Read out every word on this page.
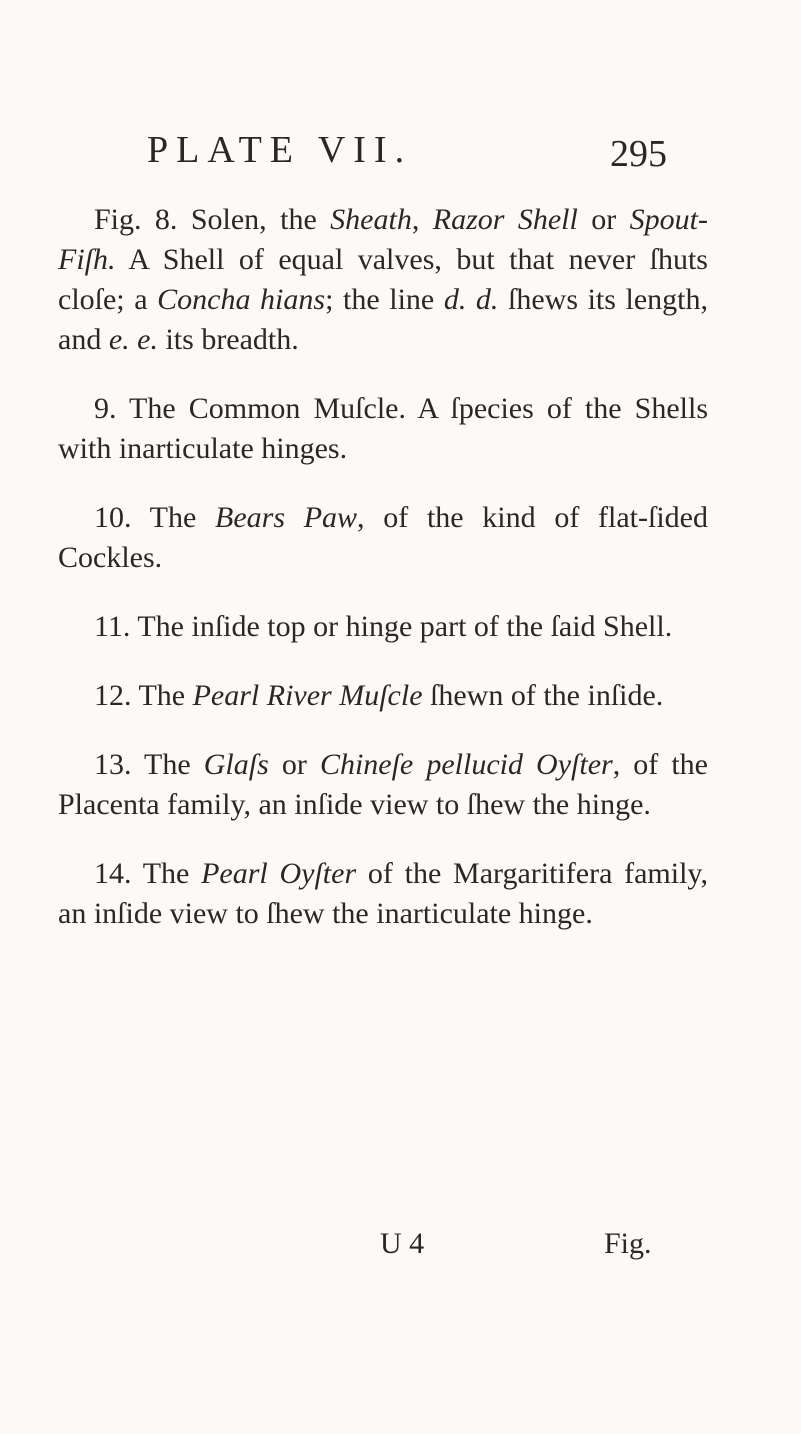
PLATE VII.	295

Fig. 8. Solen, the Sheath, Razor Shell or Spout-Fiſh. A Shell of equal valves, but that never ſhuts cloſe; a Concha hians; the line d. d. ſhews its length, and e. e. its breadth.

9. The Common Muſcle. A ſpecies of the Shells with inarticulate hinges.

10. The Bears Paw, of the kind of flat-ſided Cockles.

11. The inſide top or hinge part of the ſaid Shell.

12. The Pearl River Muſcle ſhewn of the inſide.

13. The Glaſs or Chineſe pellucid Oyſter, of the Placenta family, an inſide view to ſhew the hinge.

14. The Pearl Oyſter of the Margaritifera family, an inſide view to ſhew the inarticulate hinge.

U 4	Fig.
